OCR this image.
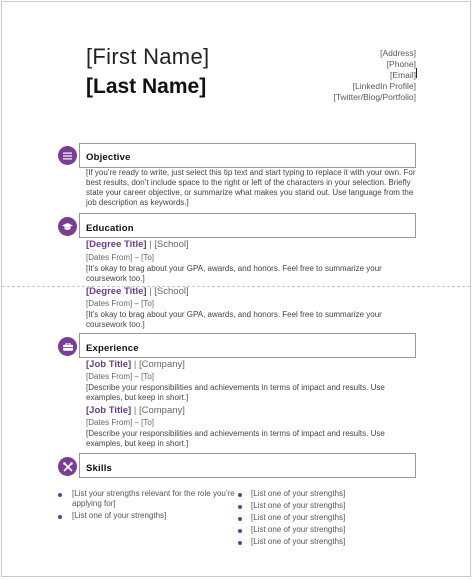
[First Name]
[Last Name]
[Address]
[Phone]
[Email]
[LinkedIn Profile]
[Twitter/Blog/Portfolio]
Objective
[If you’re ready to write, just select this tip text and start typing to replace it with your own. For best results, don’t include space to the right or left of the characters in your selection. Briefly state your career objective, or summarize what makes you stand out. Use language from the job description as keywords.]
Education
[Degree Title] | [School]
[Dates From] – [To]
[It’s okay to brag about your GPA, awards, and honors. Feel free to summarize your coursework too.]
[Degree Title] | [School]
[Dates From] – [To]
[It’s okay to brag about your GPA, awards, and honors. Feel free to summarize your coursework too.]
Experience
[Job Title] | [Company]
[Dates From] – [To]
[Describe your responsibilities and achievements in terms of impact and results. Use examples, but keep in short.]
[Job Title] | [Company]
[Dates From] – [To]
[Describe your responsibilities and achievements in terms of impact and results. Use examples, but keep in short.]
Skills
[List your strengths relevant for the role you’re applying for]
[List one of your strengths]
[List one of your strengths]
[List one of your strengths]
[List one of your strengths]
[List one of your strengths]
[List one of your strengths]
